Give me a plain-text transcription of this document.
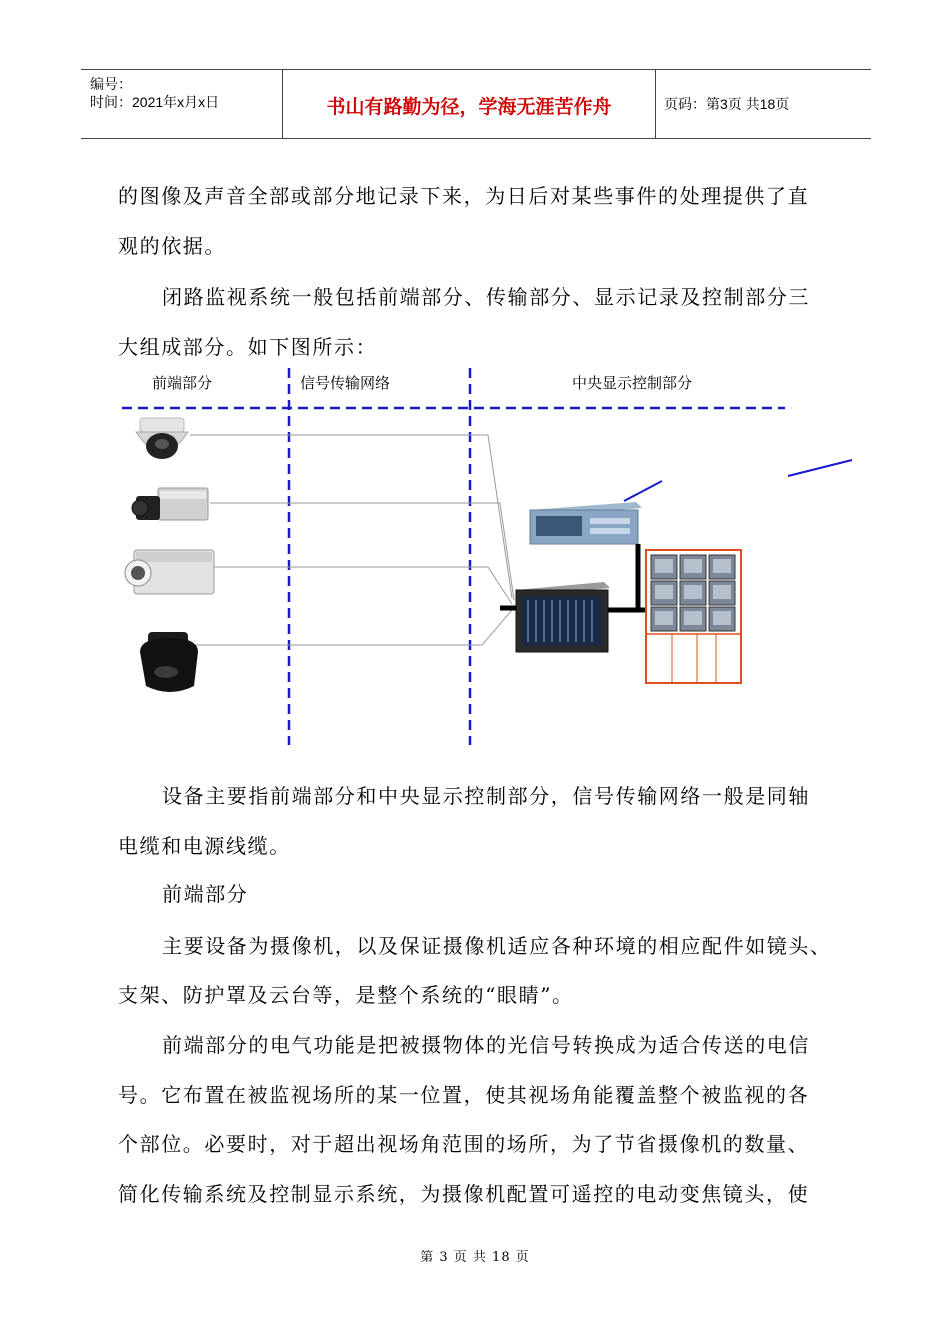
编号：
时间：2021年x月x日	书山有路勤为径，学海无涯苦作舟	页码：第3页 共18页
的图像及声音全部或部分地记录下来，为日后对某些事件的处理提供了直
观的依据。
闭路监视系统一般包括前端部分、传输部分、显示记录及控制部分三
大组成部分。如下图所示：
前端部分	信号传输网络	中央显示控制部分
设备主要指前端部分和中央显示控制部分，信号传输网络一般是同轴
电缆和电源线缆。
前端部分
主要设备为摄像机，以及保证摄像机适应各种环境的相应配件如镜头、
支架、防护罩及云台等，是整个系统的“眼睛”。
前端部分的电气功能是把被摄物体的光信号转换成为适合传送的电信
号。它布置在被监视场所的某一位置，使其视场角能覆盖整个被监视的各
个部位。必要时，对于超出视场角范围的场所，为了节省摄像机的数量、
简化传输系统及控制显示系统，为摄像机配置可遥控的电动变焦镜头，使
第 3 页 共 18 页
